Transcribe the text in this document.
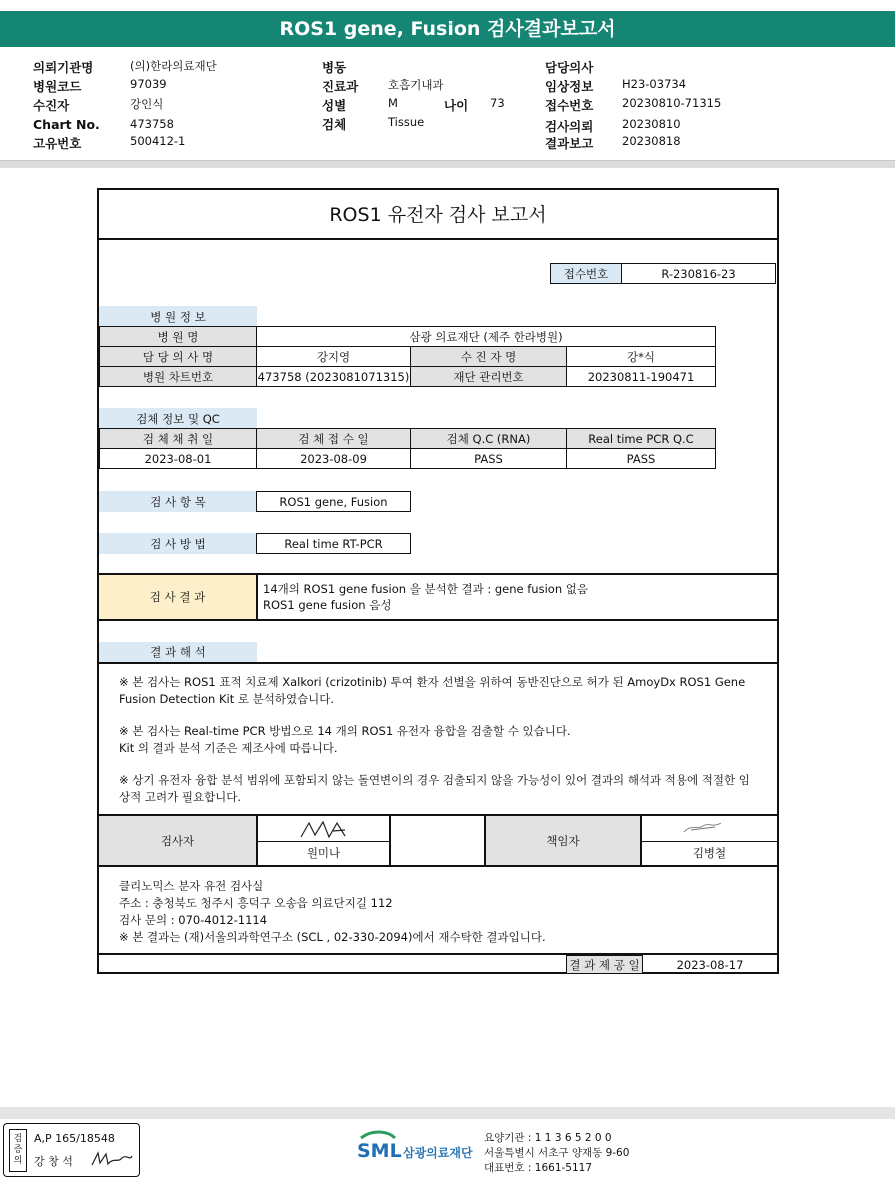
ROS1 gene, Fusion 검사결과보고서
의뢰기관명	(의)한라의료재단
병원코드	97039
수진자	강인식
Chart No.	473758
고유번호	500412-1
병동
진료과	호흡기내과
성별	M	나이 73
검체	Tissue
담당의사
임상정보 H23-03734
접수번호 20230810-71315
검사의뢰 20230810
결과보고 20230818
ROS1 유전자 검사 보고서
접수번호	R-230816-23
병 원 정 보
병 원 명	삼광 의료재단 (제주 한라병원)
담 당 의 사 명	강지영	수 진 자 명	강*식
병원 차트번호	473758 (2023081071315)	재단 관리번호	20230811-190471
검체 정보 및 QC
검 체 채 취 일	검 체 접 수 일	검체 Q.C (RNA)	Real time PCR Q.C
2023-08-01	2023-08-09	PASS	PASS
검 사 항 목	ROS1 gene, Fusion
검 사 방 법	Real time RT-PCR
검 사 결 과
14개의 ROS1 gene fusion 을 분석한 결과 : gene fusion 없음
ROS1 gene fusion 음성
결 과 해 석
※ 본 검사는 ROS1 표적 치료제 Xalkori (crizotinib) 투여 환자 선별을 위하여 동반진단으로 허가 된 AmoyDx ROS1 Gene Fusion Detection Kit 로 분석하였습니다.
※ 본 검사는 Real-time PCR 방법으로 14 개의 ROS1 유전자 융합을 검출할 수 있습니다.
Kit 의 결과 분석 기준은 제조사에 따릅니다.
※ 상기 유전자 융합 분석 범위에 포함되지 않는 돌연변이의 경우 검출되지 않을 가능성이 있어 결과의 해석과 적용에 적절한 임상적 고려가 필요합니다.
검사자
원미나
책임자
김병철
클리노믹스 분자 유전 검사실
주소 : 충청북도 청주시 흥덕구 오송읍 의료단지길 112
검사 문의 : 070-4012-1114
※ 본 결과는 (재)서울의과학연구소 (SCL , 02-330-2094)에서 재수탁한 결과입니다.
결 과 제 공 일	2023-08-17
검증의
A,P 165/18548
강 창 석	SML 삼광의료재단
요양기관 : 1 1 3 6 5 2 0 0
서울특별시 서초구 양재동 9-60
대표번호 : 1661-5117
